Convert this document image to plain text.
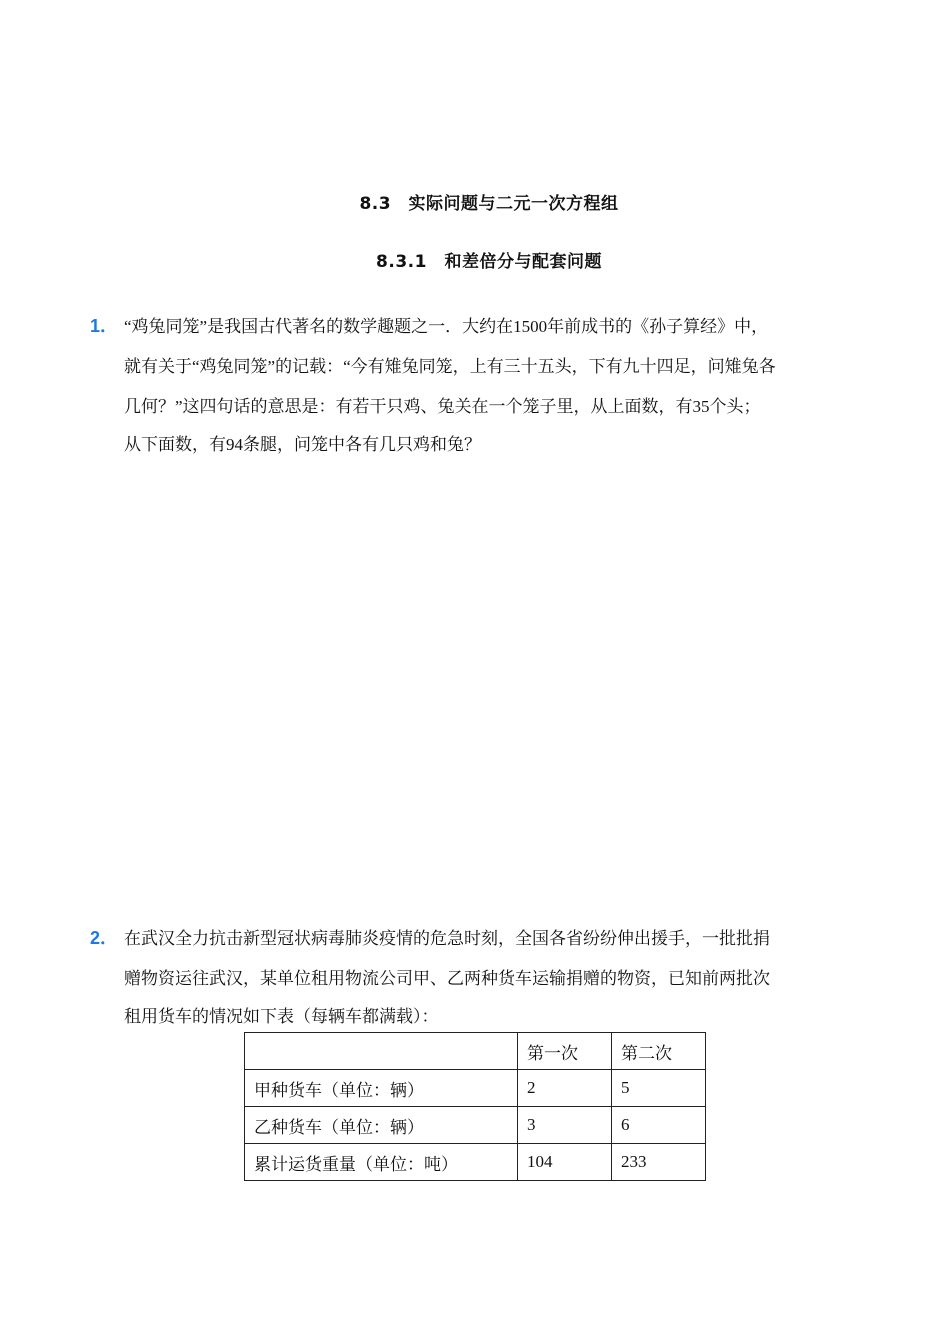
8.3　实际问题与二元一次方程组
8.3.1　和差倍分与配套问题
1． “鸡兔同笼”是我国古代著名的数学趣题之一．大约在1500年前成书的《孙子算经》中，
就有关于“鸡兔同笼”的记载：“今有雉兔同笼，上有三十五头，下有九十四足，问雉兔各
几何？”这四句话的意思是：有若干只鸡、兔关在一个笼子里，从上面数，有35个头；
从下面数，有94条腿，问笼中各有几只鸡和兔？
2． 在武汉全力抗击新型冠状病毒肺炎疫情的危急时刻，全国各省纷纷伸出援手，一批批捐
赠物资运往武汉，某单位租用物流公司甲、乙两种货车运输捐赠的物资，已知前两批次
租用货车的情况如下表（每辆车都满载）：
	第一次	第二次
甲种货车（单位：辆）	2	5
乙种货车（单位：辆）	3	6
累计运货重量（单位：吨）	104	233
